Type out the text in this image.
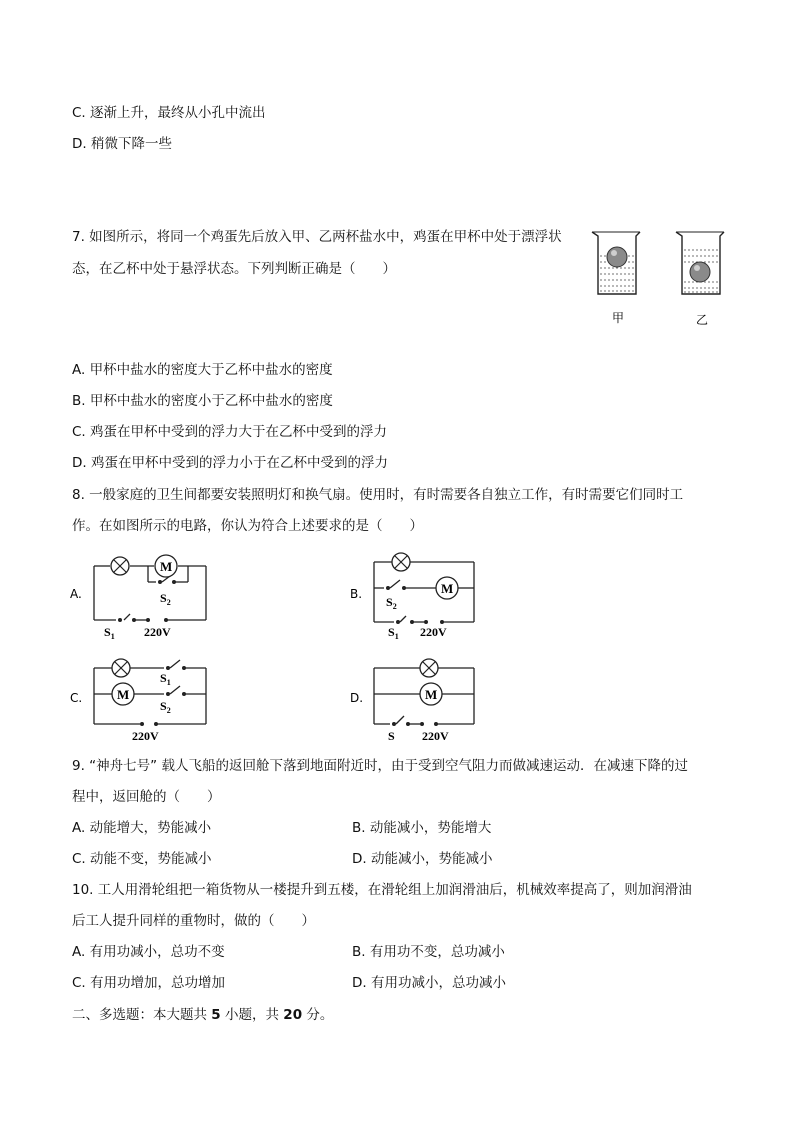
C. 逐渐上升，最终从小孔中流出
D. 稍微下降一些
7. 如图所示，将同一个鸡蛋先后放入甲、乙两杯盐水中，鸡蛋在甲杯中处于漂浮状
态，在乙杯中处于悬浮状态。下列判断正确是（　　）
甲	乙
A. 甲杯中盐水的密度大于乙杯中盐水的密度
B. 甲杯中盐水的密度小于乙杯中盐水的密度
C. 鸡蛋在甲杯中受到的浮力大于在乙杯中受到的浮力
D. 鸡蛋在甲杯中受到的浮力小于在乙杯中受到的浮力
8. 一般家庭的卫生间都要安装照明灯和换气扇。使用时，有时需要各自独立工作，有时需要它们同时工
作。在如图所示的电路，你认为符合上述要求的是（　　）
A.
M
$S_2$
$S_1$ 220V
B.	M
$S_2$
$S_1$ 220V
C.	M
$S_1$
$S_2$
220V
D.	M
S 220V
9. “神舟七号” 载人飞船的返回舱下落到地面附近时，由于受到空气阻力而做减速运动．在减速下降的过
程中，返回舱的（　　）
A. 动能增大，势能减小	B. 动能减小，势能增大
C. 动能不变，势能减小	D. 动能减小，势能减小
10. 工人用滑轮组把一箱货物从一楼提升到五楼，在滑轮组上加润滑油后，机械效率提高了，则加润滑油
后工人提升同样的重物时，做的（　　）
A. 有用功减小，总功不变	B. 有用功不变，总功减小
C. 有用功增加，总功增加	D. 有用功减小，总功减小
二、多选题：本大题共 5 小题，共 20 分。
